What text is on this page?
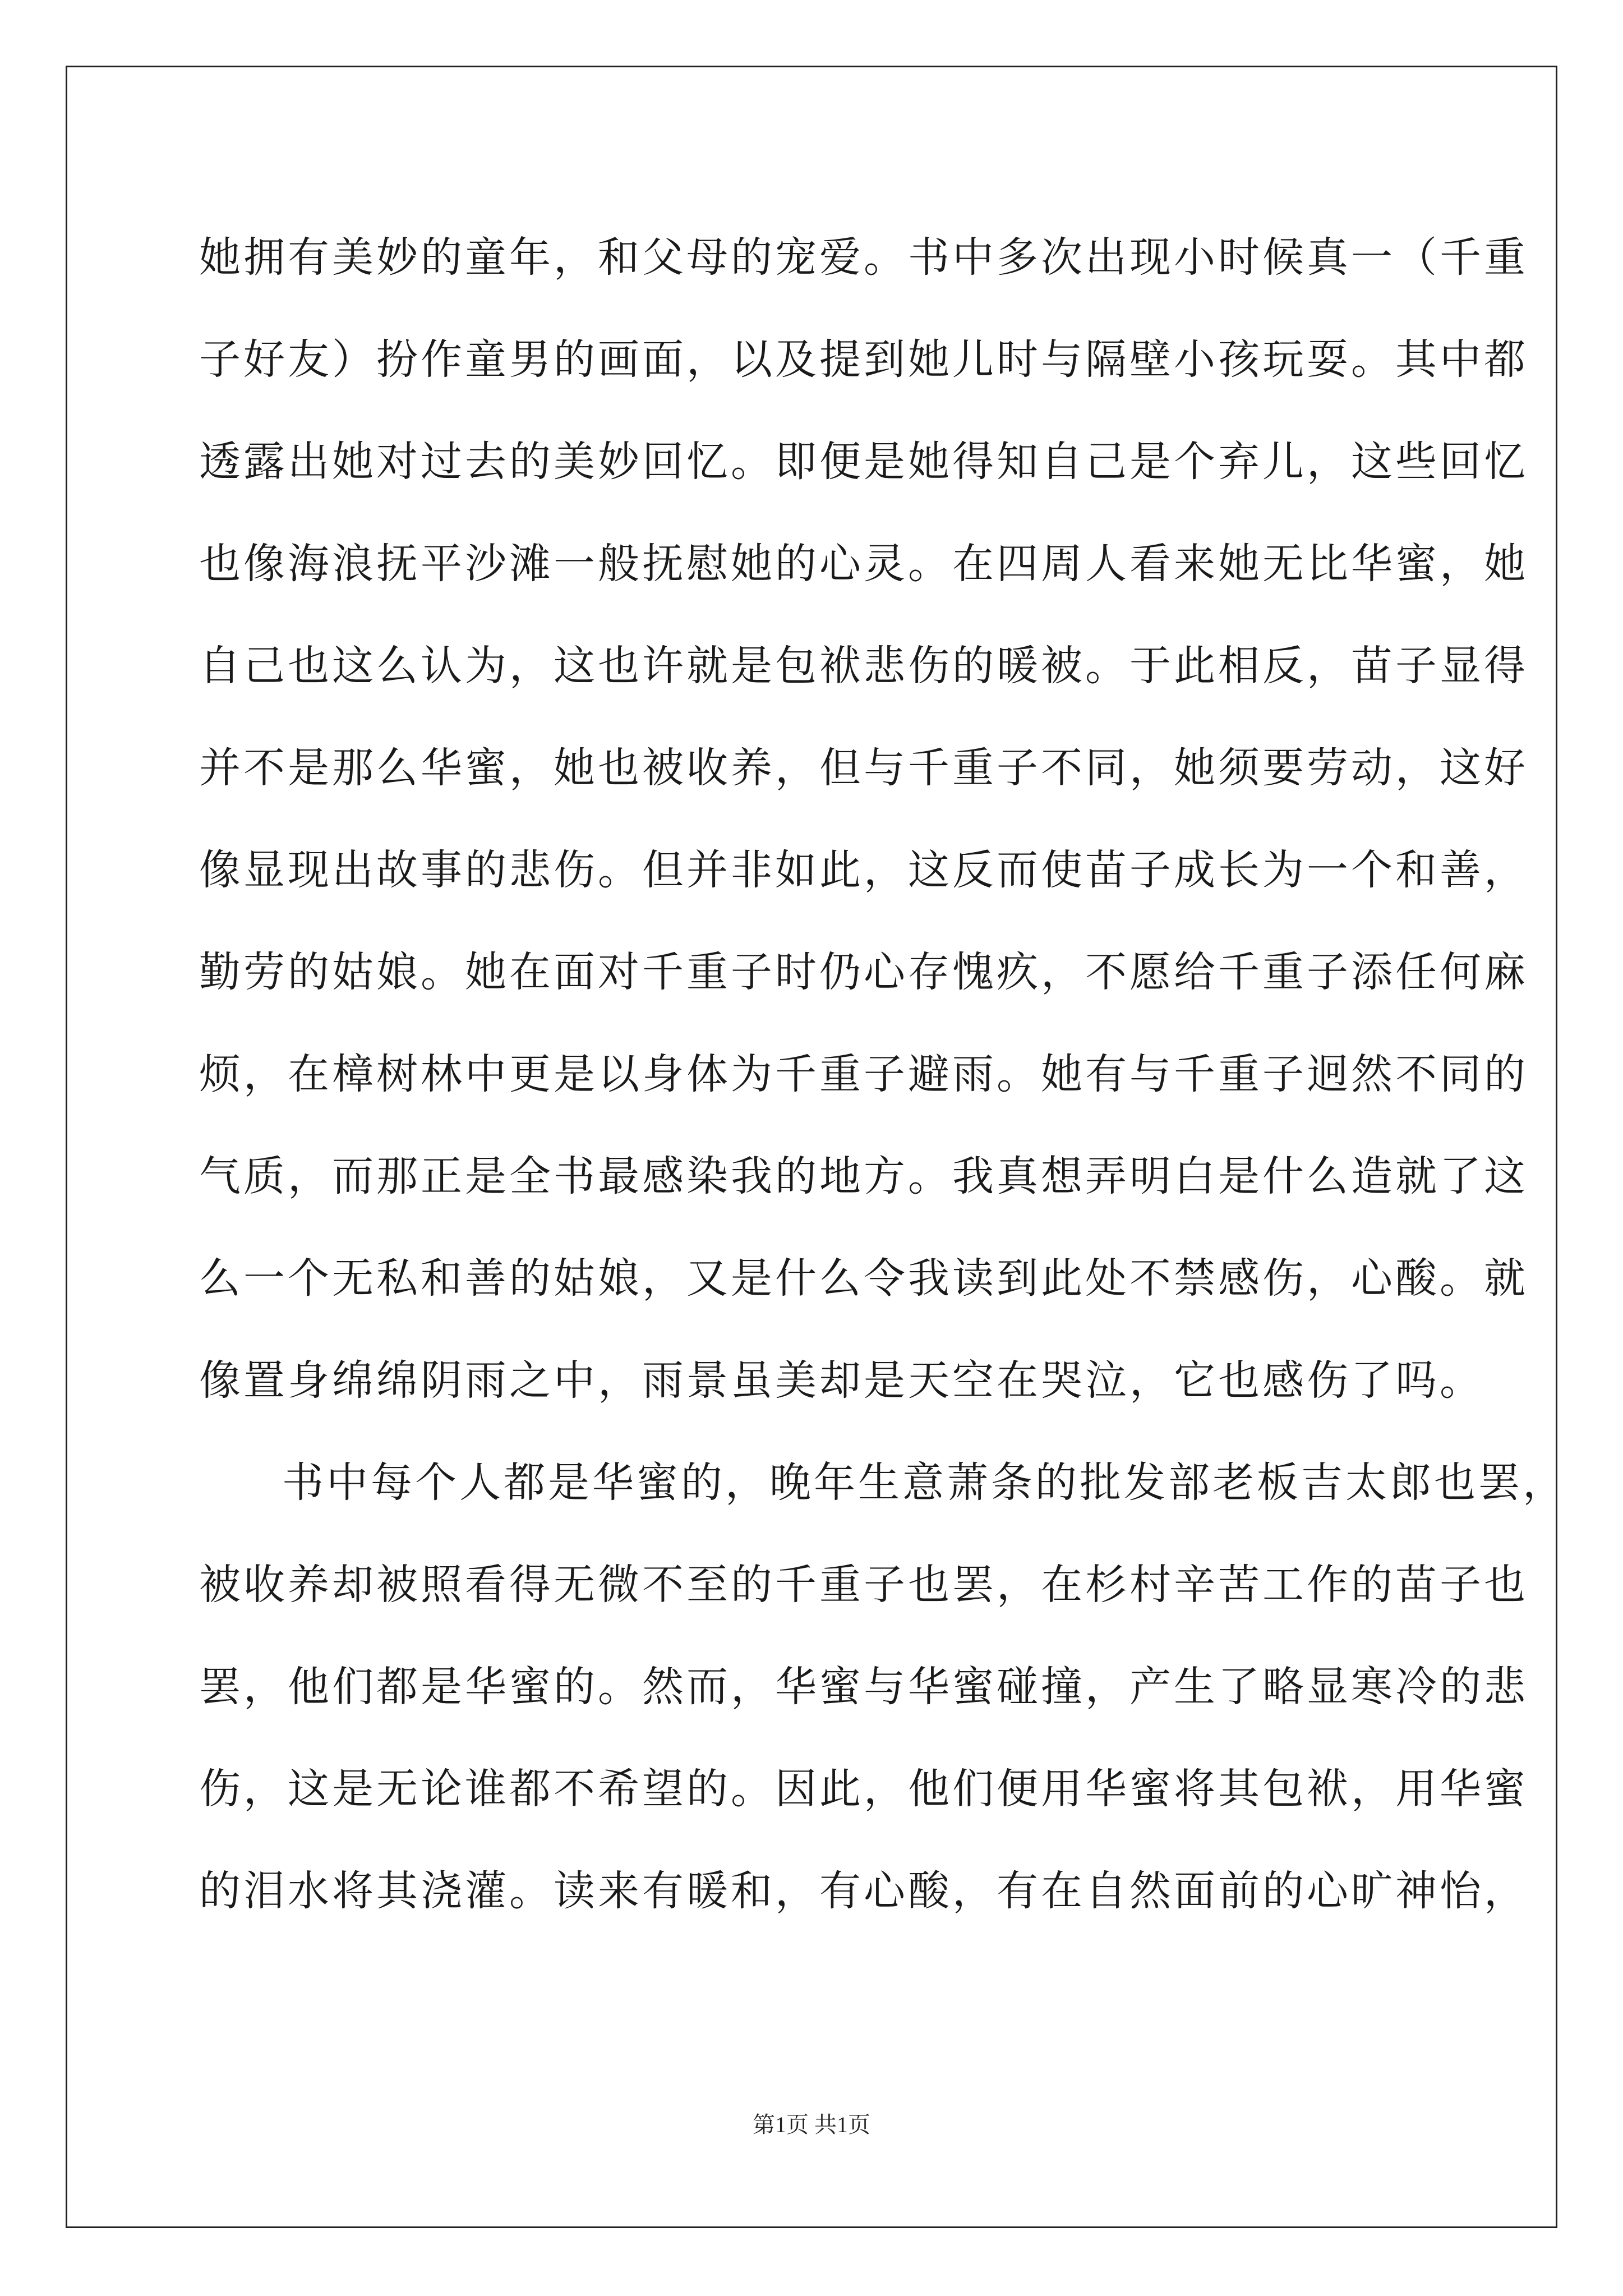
她拥有美妙的童年，和父母的宠爱。书中多次出现小时候真一（千重
子好友）扮作童男的画面，以及提到她儿时与隔壁小孩玩耍。其中都
透露出她对过去的美妙回忆。即便是她得知自己是个弃儿，这些回忆
也像海浪抚平沙滩一般抚慰她的心灵。在四周人看来她无比华蜜，她
自己也这么认为，这也许就是包袱悲伤的暖被。于此相反，苗子显得
并不是那么华蜜，她也被收养，但与千重子不同，她须要劳动，这好
像显现出故事的悲伤。但并非如此，这反而使苗子成长为一个和善，
勤劳的姑娘。她在面对千重子时仍心存愧疚，不愿给千重子添任何麻
烦，在樟树林中更是以身体为千重子避雨。她有与千重子迥然不同的
气质，而那正是全书最感染我的地方。我真想弄明白是什么造就了这
么一个无私和善的姑娘，又是什么令我读到此处不禁感伤，心酸。就
像置身绵绵阴雨之中，雨景虽美却是天空在哭泣，它也感伤了吗。
书中每个人都是华蜜的，晚年生意萧条的批发部老板吉太郎也罢，
被收养却被照看得无微不至的千重子也罢，在杉村辛苦工作的苗子也
罢，他们都是华蜜的。然而，华蜜与华蜜碰撞，产生了略显寒冷的悲
伤，这是无论谁都不希望的。因此，他们便用华蜜将其包袱，用华蜜
的泪水将其浇灌。读来有暖和，有心酸，有在自然面前的心旷神怡，
第1页 共1页
